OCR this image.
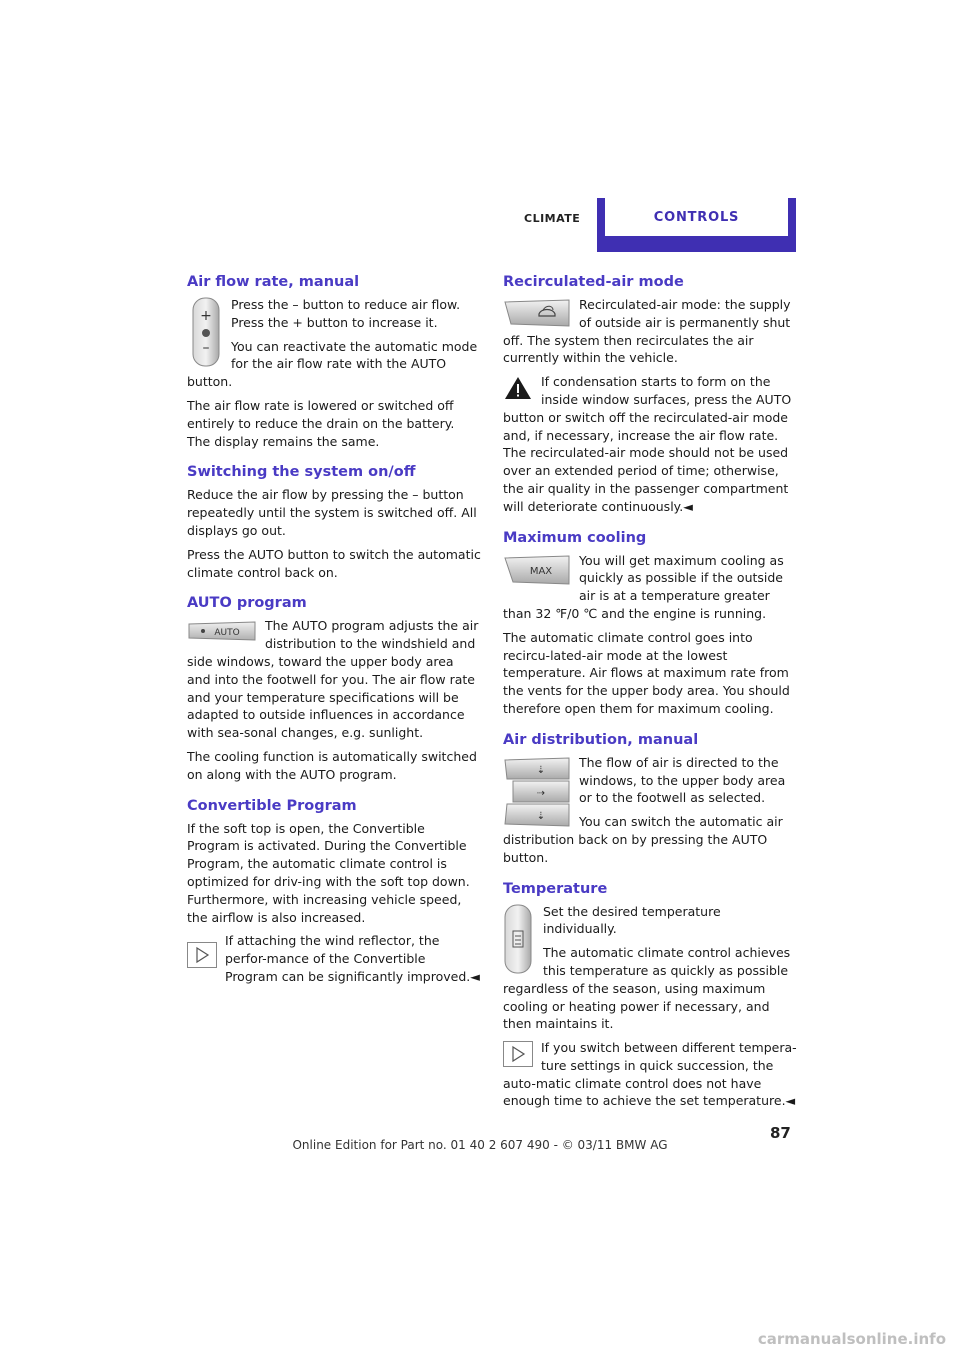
CLIMATE	CONTROLS
Air flow rate, manual
+
–

Press the – button to reduce air flow. Press the + button to increase it.

You can reactivate the automatic mode for the air flow rate with the AUTO button.

The air flow rate is lowered or switched off entirely to reduce the drain on the battery. The display remains the same.

Switching the system on/off

Reduce the air flow by pressing the – button repeatedly until the system is switched off. All displays go out.

Press the AUTO button to switch the automatic climate control back on.

AUTO program
AUTO	The AUTO program adjusts the air distribution to the windshield and side windows, toward the upper body area and into the footwell for you. The air flow rate and your temperature specifications will be adapted to outside influences in accordance with sea-sonal changes, e.g. sunlight.

The cooling function is automatically switched on along with the AUTO program.

Convertible Program

If the soft top is open, the Convertible Program is activated. During the Convertible Program, the automatic climate control is optimized for driv-ing with the soft top down. Furthermore, with increasing vehicle speed, the airflow is also increased.

If attaching the wind reflector, the perfor-mance of the Convertible Program can be significantly improved.◄

Recirculated-air mode

Recirculated-air mode: the supply of outside air is permanently shut off. The system then recirculates the air currently within the vehicle.

If condensation starts to form on the inside window surfaces, press the AUTO button or switch off the recirculated-air mode and, if necessary, increase the air flow rate. The recirculated-air mode should not be used over an extended period of time; otherwise, the air quality in the passenger compartment will deteriorate continuously.◄

Maximum cooling
MAX

You will get maximum cooling as quickly as possible if the outside air is at a temperature greater than 32 ℉/0 ℃ and the engine is running.

The automatic climate control goes into recircu-lated-air mode at the lowest temperature. Air flows at maximum rate from the vents for the upper body area. You should therefore open them for maximum cooling.

Air distribution, manual
⇣
⇢
⇣

The flow of air is directed to the windows, to the upper body area or to the footwell as selected.

You can switch the automatic air distribution back on by pressing the AUTO button.

Temperature

Set the desired temperature individually.

The automatic climate control achieves this temperature as quickly as possible regardless of the season, using maximum cooling or heating power if necessary, and then maintains it.

If you switch between different tempera-ture settings in quick succession, the auto-matic climate control does not have enough time to achieve the set temperature.◄

87
Online Edition for Part no. 01 40 2 607 490 - © 03/11 BMW AG
carmanualsonline.info
